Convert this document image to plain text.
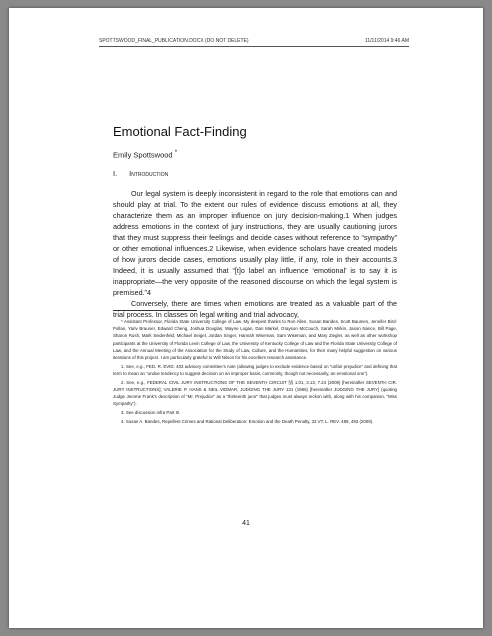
SPOTTSWOOD_FINAL_PUBLICATION.DOCX (DO NOT DELETE)	11/11/2014 9:46 AM
Emotional Fact-Finding
Emily Spottswood *
I. Introduction

Our legal system is deeply inconsistent in regard to the role that emotions can and should play at trial. To the extent our rules of evidence discuss emotions at all, they characterize them as an improper influence on jury decision-making.1 When judges address emotions in the context of jury instructions, they are usually cautioning jurors that they must suppress their feelings and decide cases without reference to “sympathy” or other emotional influences.2 Likewise, when evidence scholars have created models of how jurors decide cases, emotions usually play little, if any, role in their accounts.3 Indeed, it is usually assumed that “[t]o label an influence ‘emotional’ is to say it is inappropriate—the very opposite of the reasoned discourse on which the legal system is premised.”4

Conversely, there are times when emotions are treated as a valuable part of the trial process. In classes on legal writing and trial advocacy,

* Assistant Professor, Florida State University College of Law. My deepest thanks to Ron Allen, Susan Bandes, Scott Baumes, Jennifer Bird-Pollan, Yariv Brauner, Edward Cheng, Joshua Douglas, Wayne Logan, Dan Markel, Grayson McCouch, Sarah Mirkin, Jason Nance, Bill Page, Sharon Rush, Mark Seidenfeld, Michael Seigel, Jordan Singer, Hannah Wiseman, Sam Wiseman, and Mary Ziegler, as well as other workshop participants at the University of Florida Levin College of Law, the University of Kentucky College of Law and the Florida State University College of Law, and the Annual Meeting of the Association for the Study of Law, Culture, and the Humanities, for their many helpful suggestion on various iterations of this project. I am particularly grateful to Will Nilson for his excellent research assistance.

1. See, e.g., FED. R. EVID. 403 advisory committee’s note (allowing judges to exclude evidence based on “unfair prejudice” and defining that term to mean an “undue tendency to suggest decision on an improper basis, commonly, though not necessarily, an emotional one”).

2. See, e.g., FEDERAL CIVIL JURY INSTRUCTIONS OF THE SEVENTH CIRCUIT §§ 1.01, 3.13, 7.24 (2009) [hereinafter SEVENTH CIR. JURY INSTRUCTIONS]; VALERIE P. HANS & NEIL VIDMAR, JUDGING THE JURY 131 (1986) [hereinafter JUDGING THE JURY] (quoting Judge Jerome Frank’s description of “Mr. Prejudice” as a “thirteenth juror” that judges must always reckon with, along with his companion, “Miss Sympathy”).

3. See discussion infra Part III.

4. Susan A. Bandes, Repellent Crimes and Rational Deliberation: Emotion and the Death Penalty, 33 VT. L. REV. 489, 493 (2009).

41
